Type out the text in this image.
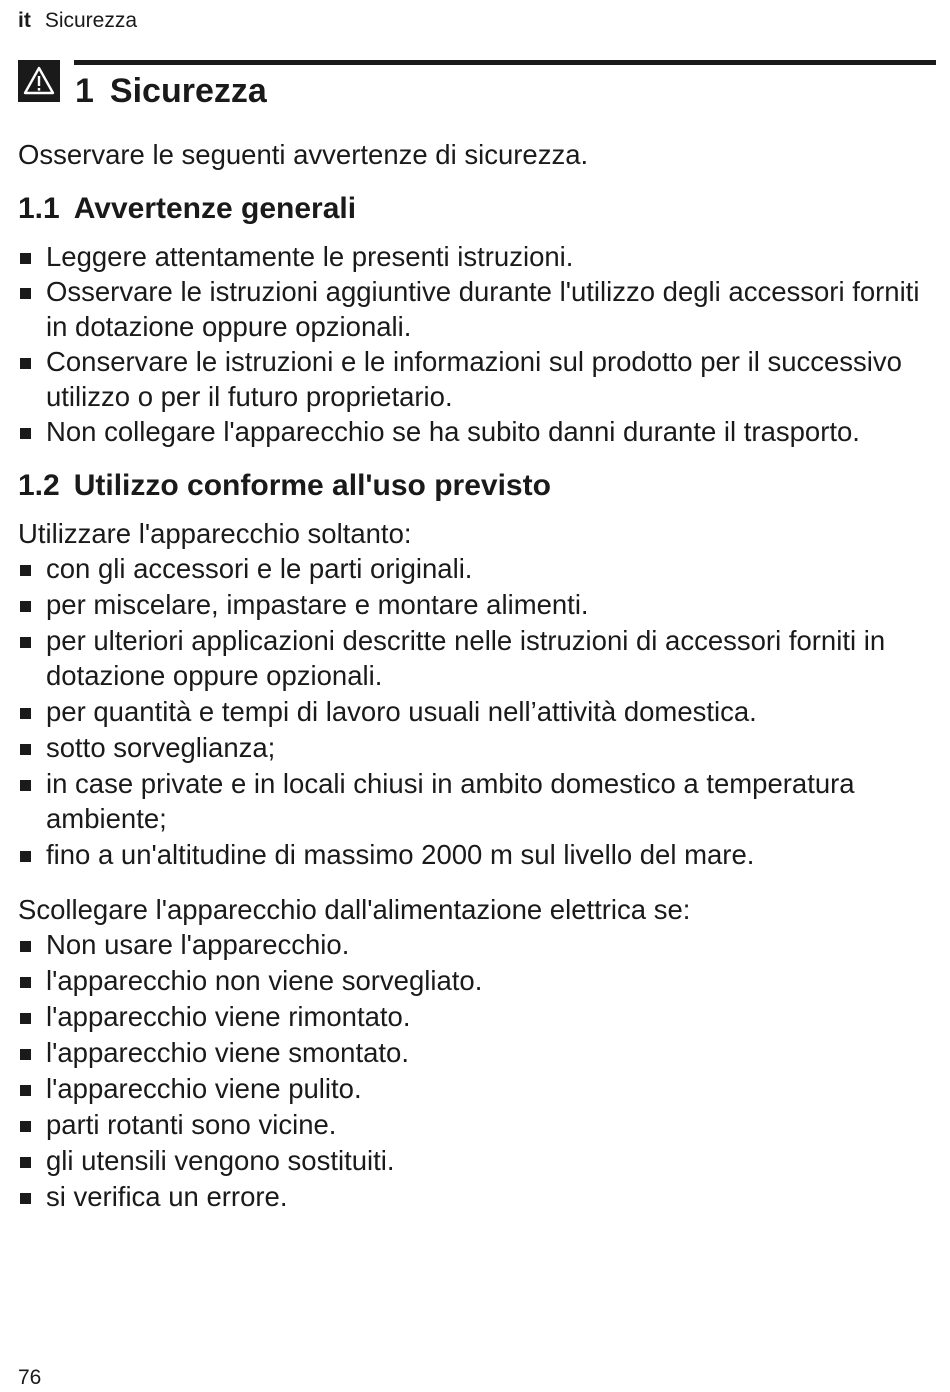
it Sicurezza
1 Sicurezza

Osservare le seguenti avvertenze di sicurezza.

1.1 Avvertenze generali
Leggere attentamente le presenti istruzioni.
Osservare le istruzioni aggiuntive durante l'utilizzo degli accessori forniti in dotazione oppure opzionali.
Conservare le istruzioni e le informazioni sul prodotto per il successivo utilizzo o per il futuro proprietario.
Non collegare l'apparecchio se ha subito danni durante il trasporto.
1.2 Utilizzo conforme all'uso previsto

Utilizzare l'apparecchio soltanto:

con gli accessori e le parti originali.
per miscelare, impastare e montare alimenti.
per ulteriori applicazioni descritte nelle istruzioni di accessori forniti in dotazione oppure opzionali.
per quantità e tempi di lavoro usuali nell’attività domestica.
sotto sorveglianza;
in case private e in locali chiusi in ambito domestico a temperatura ambiente;
fino a un'altitudine di massimo 2000 m sul livello del mare.

Scollegare l'apparecchio dall'alimentazione elettrica se:

Non usare l'apparecchio.
l'apparecchio non viene sorvegliato.
l'apparecchio viene rimontato.
l'apparecchio viene smontato.
l'apparecchio viene pulito.
parti rotanti sono vicine.
gli utensili vengono sostituiti.
si verifica un errore.
76
